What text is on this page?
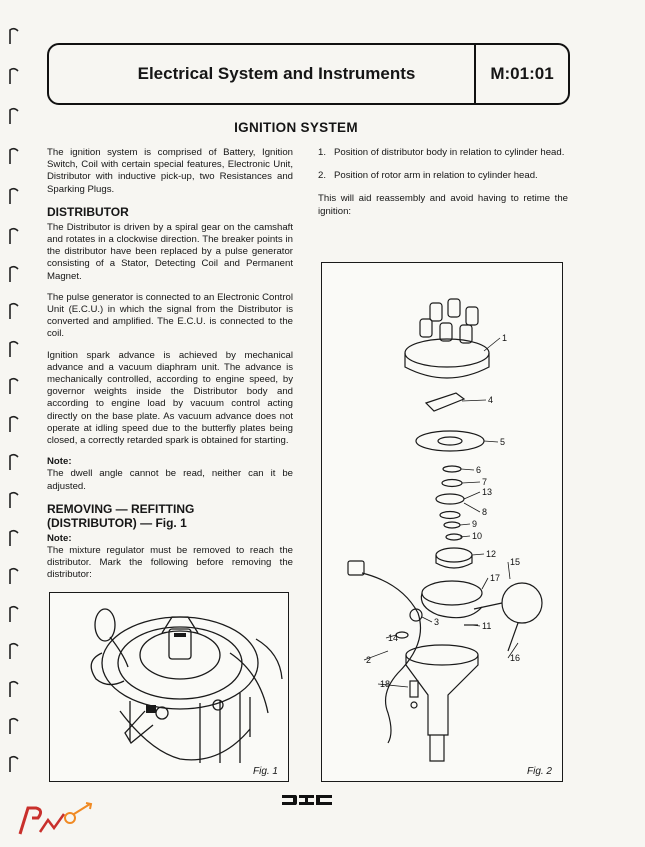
Electrical System and Instruments	M:01:01
IGNITION SYSTEM

The ignition system is comprised of Battery, Ignition Switch, Coil with certain special features, Electronic Unit, Distributor with inductive pick-up, two Resistances and Sparking Plugs.

DISTRIBUTOR

The Distributor is driven by a spiral gear on the camshaft and rotates in a clockwise direction. The breaker points in the distributor have been replaced by a pulse generator consisting of a Stator, Detecting Coil and Permanent Magnet.

The pulse generator is connected to an Electronic Control Unit (E.C.U.) in which the signal from the Distributor is converted and amplified. The E.C.U. is connected to the coil.

Ignition spark advance is achieved by mechanical advance and a vacuum diaphram unit. The advance is mechanically controlled, according to engine speed, by governor weights inside the Distributor body and according to engine load by vacuum control acting directly on the base plate. As vacuum advance does not operate at idling speed due to the butterfly plates being closed, a correctly retarded spark is obtained for starting.

Note:

The dwell angle cannot be read, neither can it be adjusted.

REMOVING — REFITTING
(DISTRIBUTOR) — Fig. 1
Note:

The mixture regulator must be removed to reach the distributor. Mark the following before removing the distributor:

1. Position of distributor body in relation to cylinder head.
2. Position of rotor arm in relation to cylinder head.

This will aid reassembly and avoid having to retime the ignition:

Fig. 1
1
4
5
6
7
13
8
9
10
12
15
17
3	11
14
16
2
18
Fig. 2
